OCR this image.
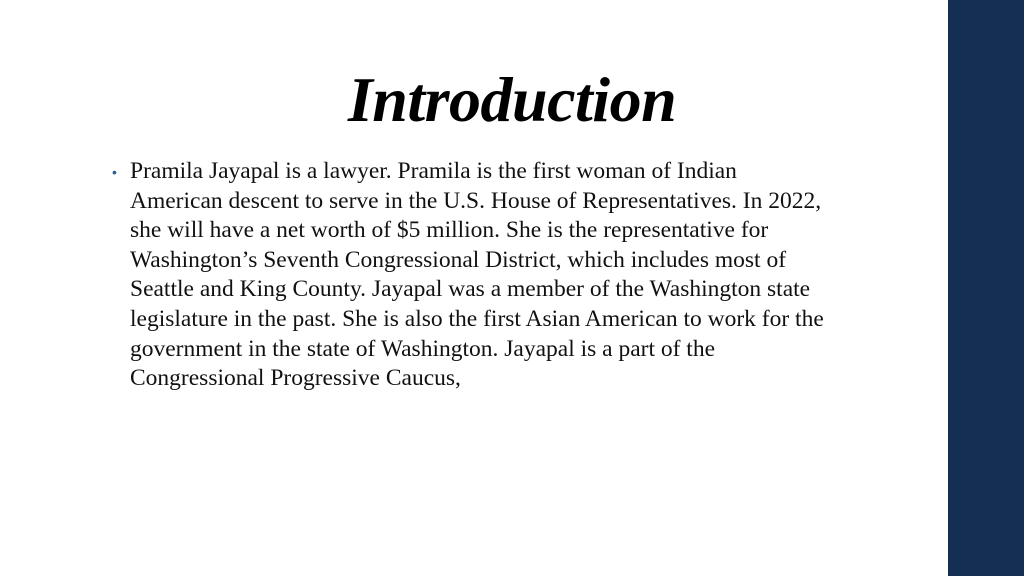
Introduction
• Pramila Jayapal is a lawyer. Pramila is the first woman of Indian American descent to serve in the U.S. House of Representatives. In 2022, she will have a net worth of $5 million. She is the representative for Washington’s Seventh Congressional District, which includes most of Seattle and King County. Jayapal was a member of the Washington state legislature in the past. She is also the first Asian American to work for the government in the state of Washington. Jayapal is a part of the Congressional Progressive Caucus,
